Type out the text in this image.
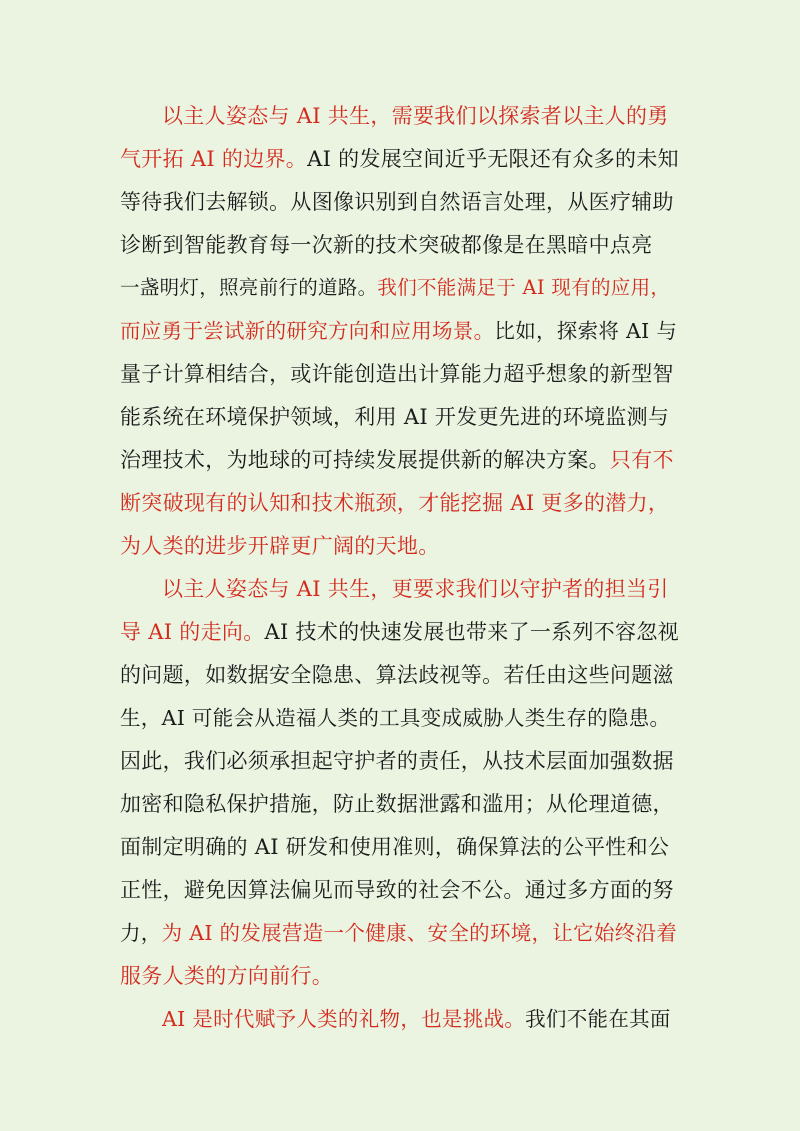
以主人姿态与 AI 共生，需要我们以探索者以主人的勇
气开拓 AI 的边界。AI 的发展空间近乎无限还有众多的未知
等待我们去解锁。从图像识别到自然语言处理，从医疗辅助
诊断到智能教育每一次新的技术突破都像是在黑暗中点亮
一盏明灯，照亮前行的道路。我们不能满足于 AI 现有的应用，
而应勇于尝试新的研究方向和应用场景。比如，探索将 AI 与
量子计算相结合，或许能创造出计算能力超乎想象的新型智
能系统在环境保护领域，利用 AI 开发更先进的环境监测与
治理技术，为地球的可持续发展提供新的解决方案。只有不
断突破现有的认知和技术瓶颈，才能挖掘 AI 更多的潜力，
为人类的进步开辟更广阔的天地。
以主人姿态与 AI 共生，更要求我们以守护者的担当引
导 AI 的走向。AI 技术的快速发展也带来了一系列不容忽视
的问题，如数据安全隐患、算法歧视等。若任由这些问题滋
生，AI 可能会从造福人类的工具变成威胁人类生存的隐患。
因此，我们必须承担起守护者的责任，从技术层面加强数据
加密和隐私保护措施，防止数据泄露和滥用；从伦理道德，
面制定明确的 AI 研发和使用准则，确保算法的公平性和公
正性，避免因算法偏见而导致的社会不公。通过多方面的努
力，为 AI 的发展营造一个健康、安全的环境，让它始终沿着
服务人类的方向前行。
AI 是时代赋予人类的礼物，也是挑战。我们不能在其面
